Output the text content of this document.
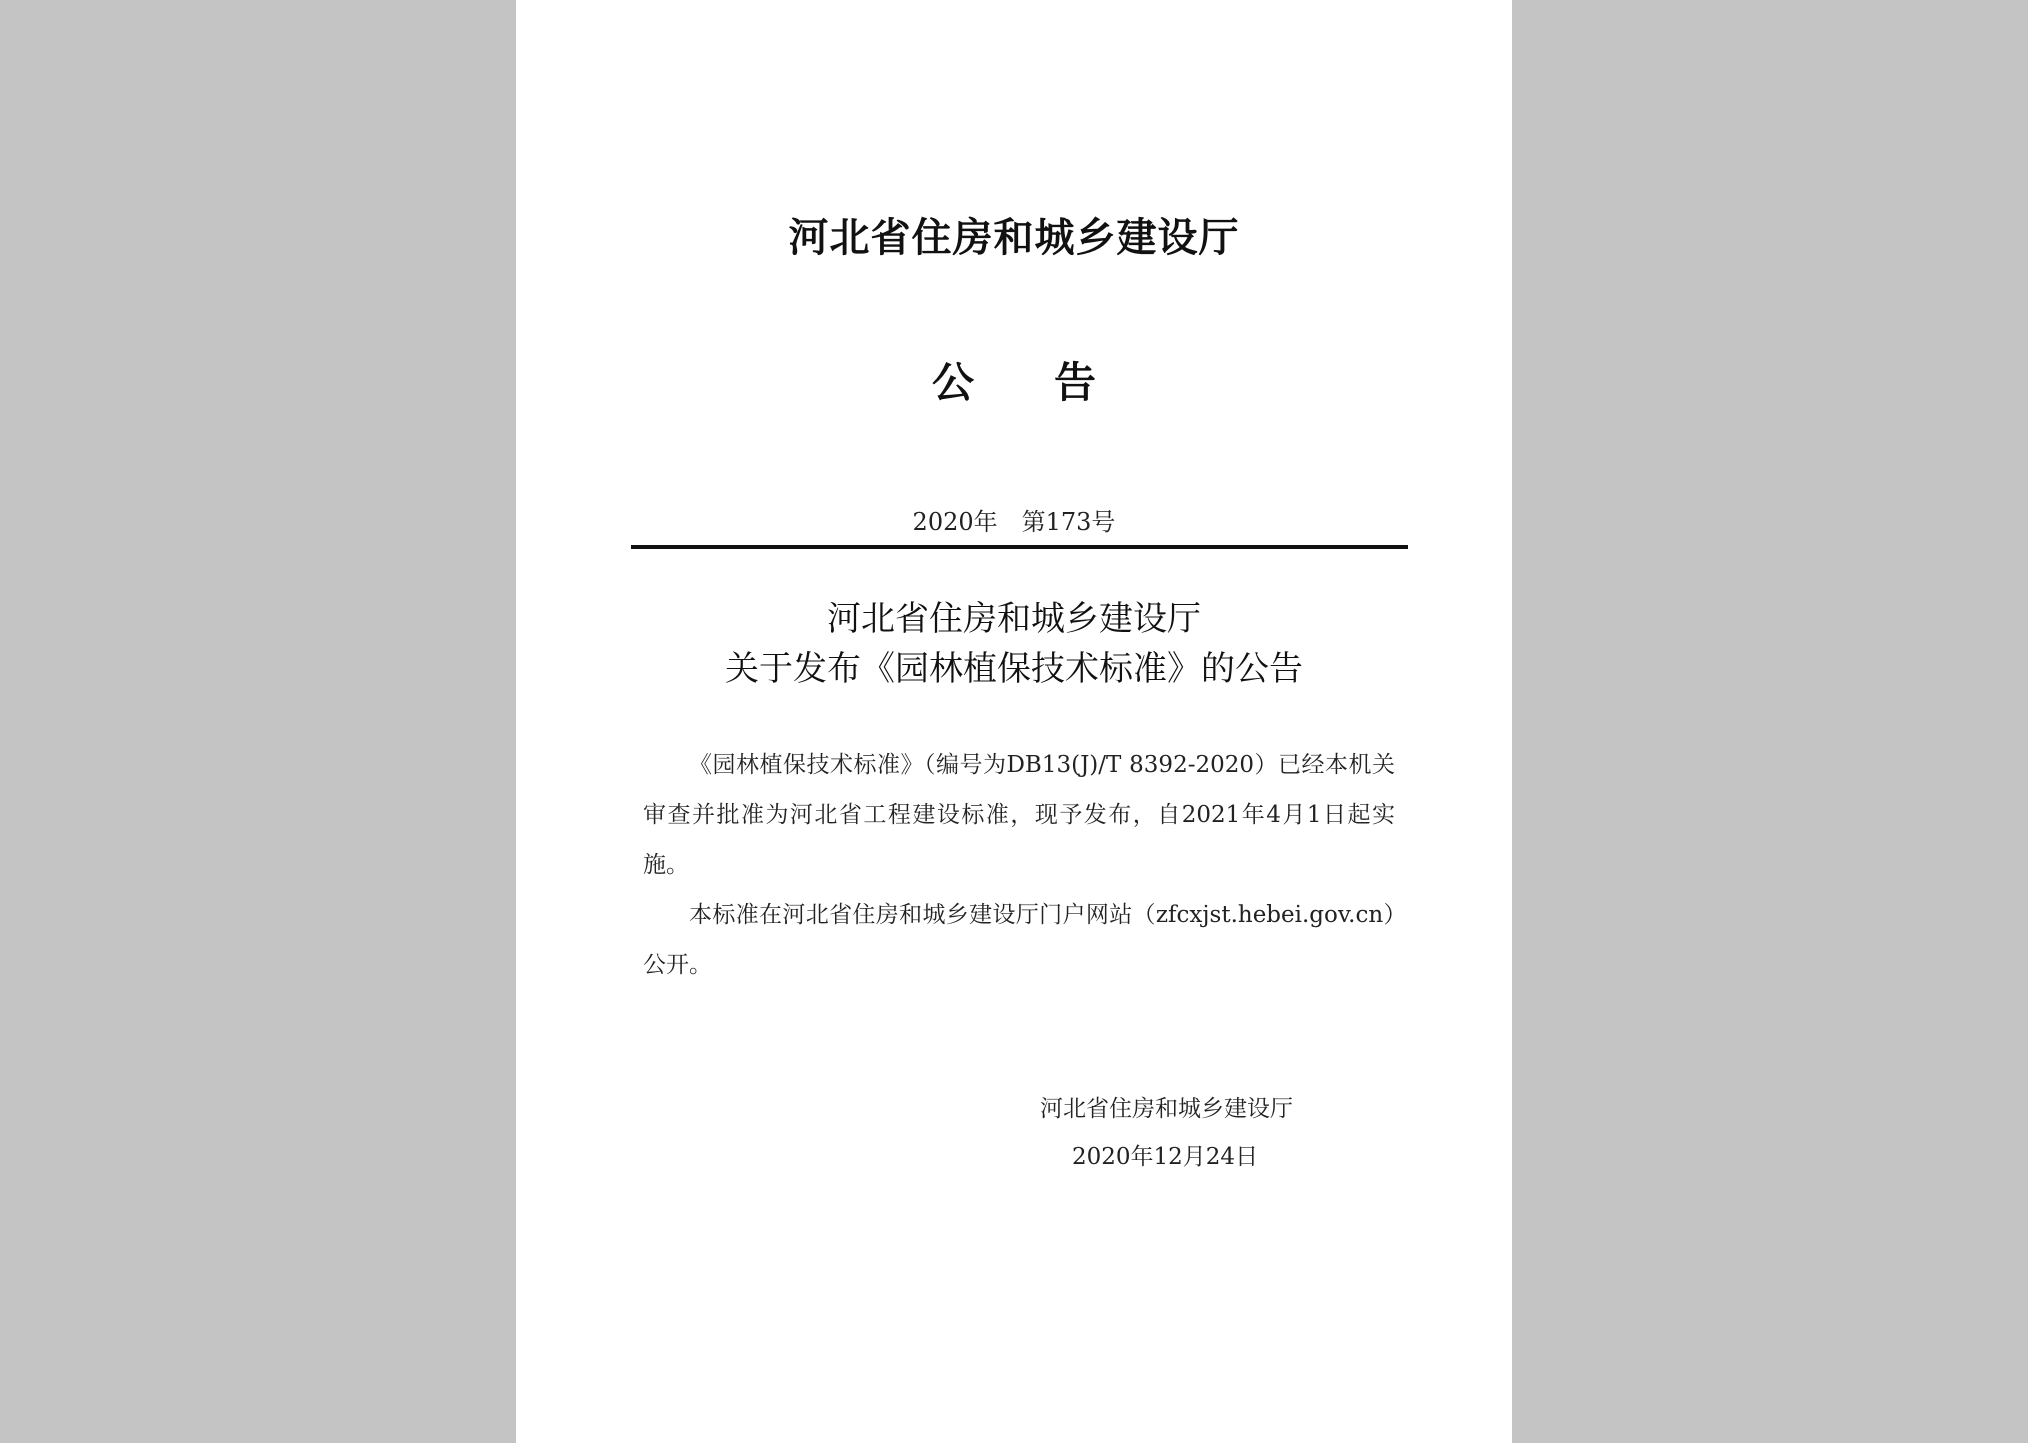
河北省住房和城乡建设厅
公告
2020年　第173号
河北省住房和城乡建设厅
关于发布《园林植保技术标准》的公告

《园林植保技术标准》（编号为DB13(J)/T 8392-2020）已经本机关审查并批准为河北省工程建设标准，现予发布，自2021年4月1日起实施。

本标准在河北省住房和城乡建设厅门户网站（zfcxjst.hebei.gov.cn）公开。

河北省住房和城乡建设厅
2020年12月24日
